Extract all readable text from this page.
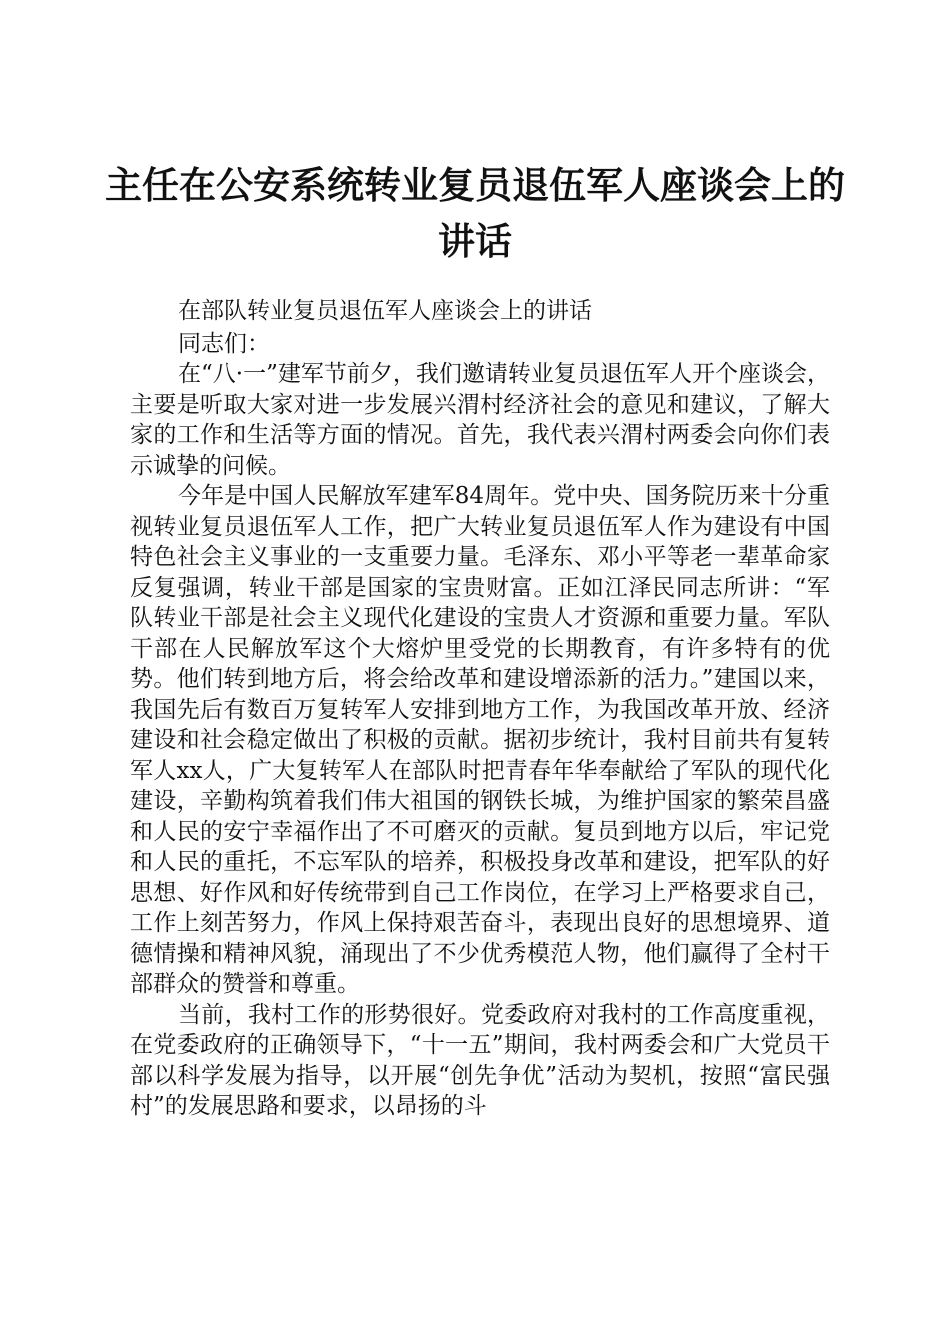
主任在公安系统转业复员退伍军人座谈会上的
讲话

在部队转业复员退伍军人座谈会上的讲话

同志们：

在“八·一”建军节前夕，我们邀请转业复员退伍军人开个座谈会，主要是听取大家对进一步发展兴渭村经济社会的意见和建议，了解大家的工作和生活等方面的情况。首先，我代表兴渭村两委会向你们表示诚挚的问候。

今年是中国人民解放军建军84周年。党中央、国务院历来十分重视转业复员退伍军人工作，把广大转业复员退伍军人作为建设有中国特色社会主义事业的一支重要力量。毛泽东、邓小平等老一辈革命家反复强调，转业干部是国家的宝贵财富。正如江泽民同志所讲：“军队转业干部是社会主义现代化建设的宝贵人才资源和重要力量。军队干部在人民解放军这个大熔炉里受党的长期教育，有许多特有的优势。他们转到地方后，将会给改革和建设增添新的活力。”建国以来，我国先后有数百万复转军人安排到地方工作，为我国改革开放、经济建设和社会稳定做出了积极的贡献。据初步统计，我村目前共有复转军人xx人，广大复转军人在部队时把青春年华奉献给了军队的现代化建设，辛勤构筑着我们伟大祖国的钢铁长城，为维护国家的繁荣昌盛和人民的安宁幸福作出了不可磨灭的贡献。复员到地方以后，牢记党和人民的重托，不忘军队的培养，积极投身改革和建设，把军队的好思想、好作风和好传统带到自己工作岗位，在学习上严格要求自己，工作上刻苦努力，作风上保持艰苦奋斗，表现出良好的思想境界、道德情操和精神风貌，涌现出了不少优秀模范人物，他们赢得了全村干部群众的赞誉和尊重。

当前，我村工作的形势很好。党委政府对我村的工作高度重视，在党委政府的正确领导下，“十一五”期间，我村两委会和广大党员干部以科学发展为指导，以开展“创先争优”活动为契机，按照“富民强村”的发展思路和要求，以昂扬的斗
